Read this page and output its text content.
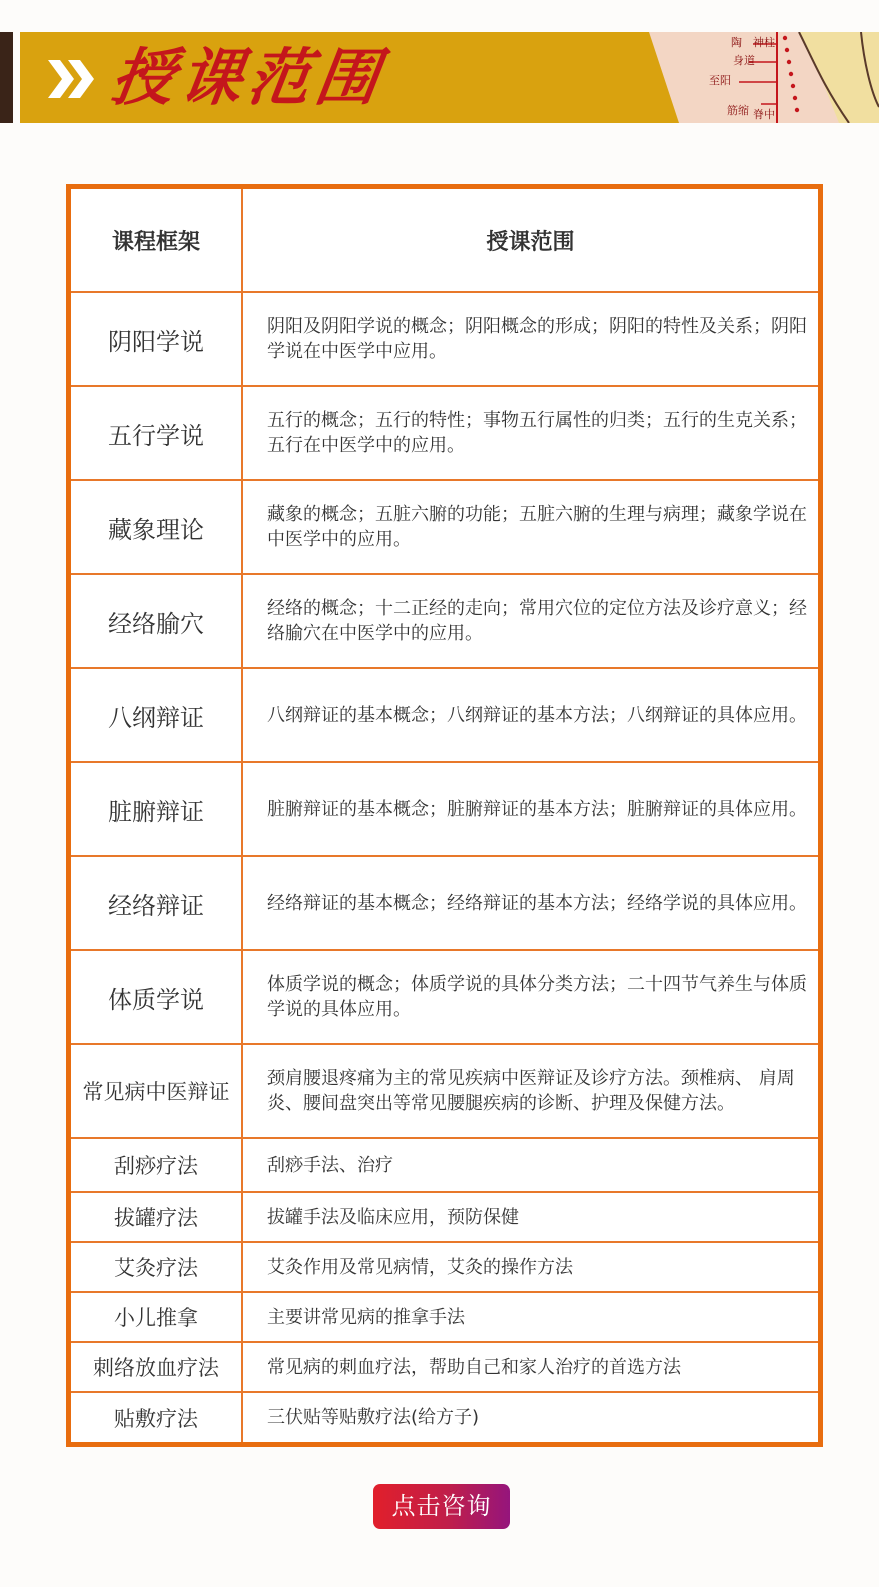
授课范围	神柱
身道
至阳
筋缩 脊中
陶
课程框架	授课范围
阴阳学说	阴阳及阴阳学说的概念；阴阳概念的形成；阴阳的特性及关系；阴阳学说在中医学中应用。
五行学说	五行的概念；五行的特性；事物五行属性的归类；五行的生克关系；五行在中医学中的应用。
藏象理论	藏象的概念；五脏六腑的功能；五脏六腑的生理与病理；藏象学说在中医学中的应用。
经络腧穴	经络的概念；十二正经的走向；常用穴位的定位方法及诊疗意义；经络腧穴在中医学中的应用。
八纲辩证	八纲辩证的基本概念；八纲辩证的基本方法；八纲辩证的具体应用。
脏腑辩证	脏腑辩证的基本概念；脏腑辩证的基本方法；脏腑辩证的具体应用。
经络辩证	经络辩证的基本概念；经络辩证的基本方法；经络学说的具体应用。
体质学说	体质学说的概念；体质学说的具体分类方法；二十四节气养生与体质学说的具体应用。
常见病中医辩证	颈肩腰退疼痛为主的常见疾病中医辩证及诊疗方法。颈椎病、 肩周炎、腰间盘突出等常见腰腿疾病的诊断、护理及保健方法。
刮痧疗法	刮痧手法、治疗
拔罐疗法	拔罐手法及临床应用，预防保健
艾灸疗法	艾灸作用及常见病情，艾灸的操作方法
小儿推拿	主要讲常见病的推拿手法
刺络放血疗法	常见病的刺血疗法，帮助自己和家人治疗的首选方法
贴敷疗法	三伏贴等贴敷疗法(给方子)
点击咨询
